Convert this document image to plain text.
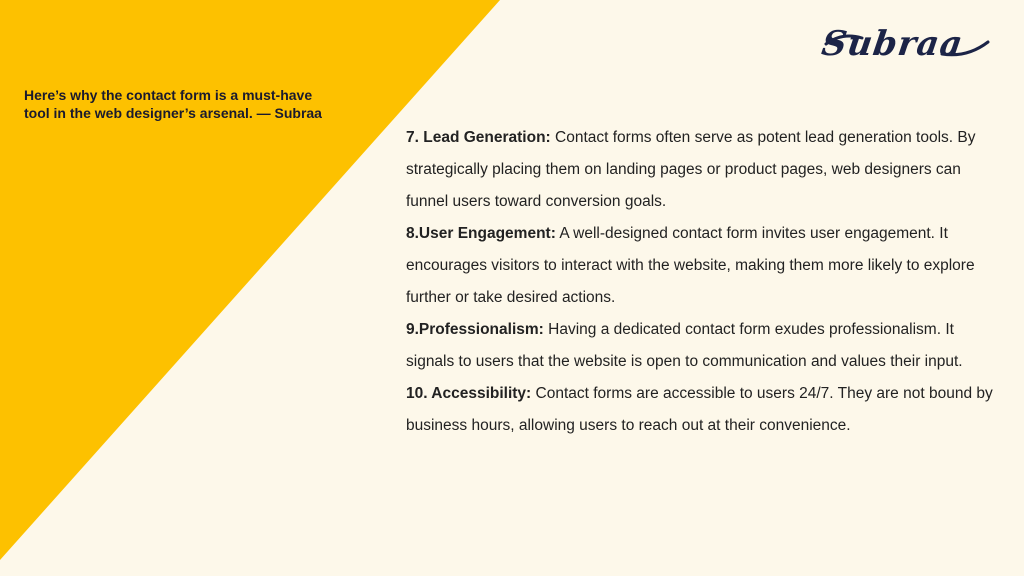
Here’s why the contact form is a must-have tool in the web designer’s arsenal. — Subraa
Subraa
7. Lead Generation: Contact forms often serve as potent lead generation tools. By strategically placing them on landing pages or product pages, web designers can funnel users toward conversion goals.
8.User Engagement: A well-designed contact form invites user engagement. It encourages visitors to interact with the website, making them more likely to explore further or take desired actions.
9.Professionalism: Having a dedicated contact form exudes professionalism. It signals to users that the website is open to communication and values their input.
10. Accessibility: Contact forms are accessible to users 24/7. They are not bound by business hours, allowing users to reach out at their convenience.
